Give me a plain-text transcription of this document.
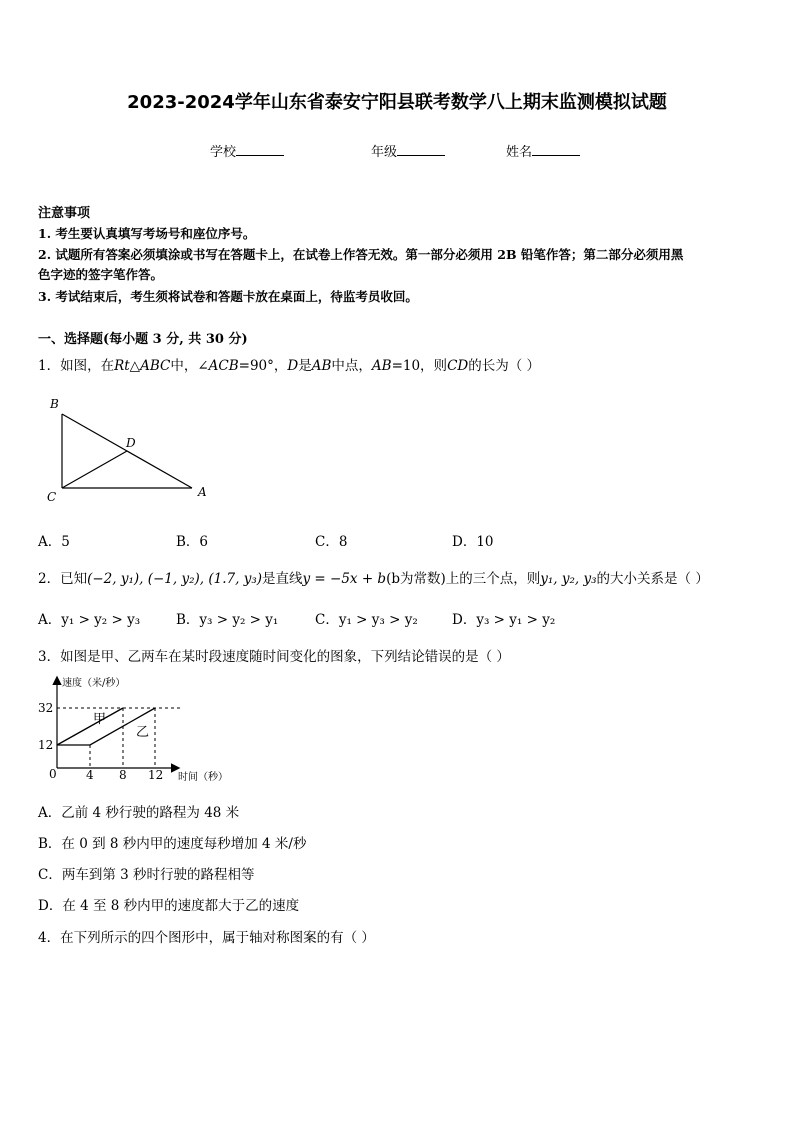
2023-2024学年山东省泰安宁阳县联考数学八上期末监测模拟试题
学校	年级	姓名
注意事项
1. 考生要认真填写考场号和座位序号。
2. 试题所有答案必须填涂或书写在答题卡上，在试卷上作答无效。第一部分必须用 2B 铅笔作答；第二部分必须用黑
色字迹的签字笔作答。
3. 考试结束后，考生须将试卷和答题卡放在桌面上，待监考员收回。
一、选择题(每小题 3 分, 共 30 分)
1．如图，在Rt△ABC中，∠ACB=90°，D是AB中点，AB=10，则CD的长为（ ）
B
D
C	A
A．5	B．6	C．8	D．10
2．已知(−2, y₁), (−1, y₂), (1.7, y₃)是直线y = −5x + b(b为常数)上的三个点，则y₁, y₂, y₃的大小关系是（ ）
A．y₁ > y₂ > y₃	B．y₃ > y₂ > y₁	C．y₁ > y₃ > y₂	D．y₃ > y₁ > y₂
3．如图是甲、乙两车在某时段速度随时间变化的图象，下列结论错误的是（ ）
速度（米/秒）
时间（秒）
32
12
0 4 8 12
甲
乙
A．乙前 4 秒行驶的路程为 48 米
B．在 0 到 8 秒内甲的速度每秒增加 4 米/秒
C．两车到第 3 秒时行驶的路程相等
D．在 4 至 8 秒内甲的速度都大于乙的速度
4．在下列所示的四个图形中，属于轴对称图案的有（ ）
